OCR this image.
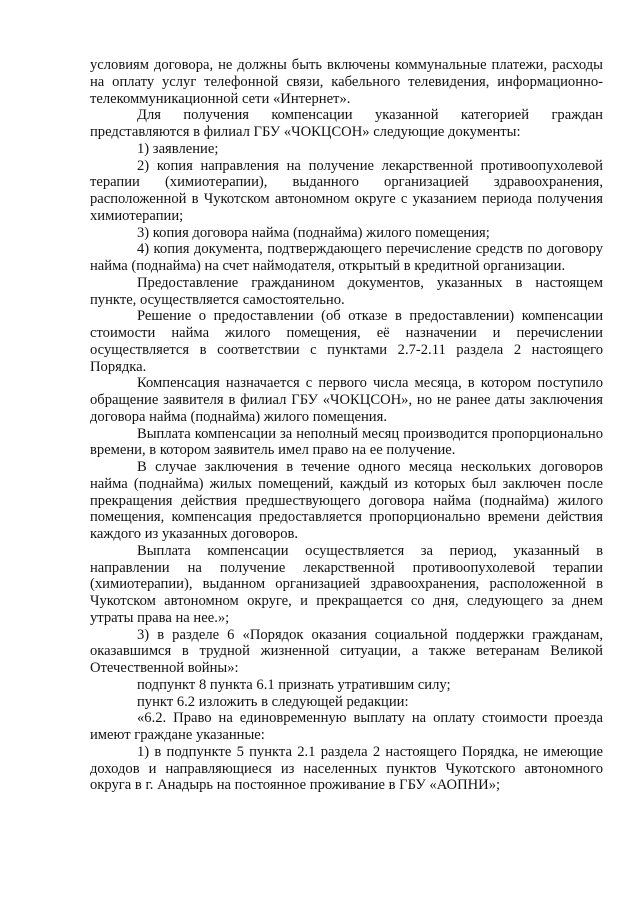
условиям договора, не должны быть включены коммунальные платежи, расходы на оплату услуг телефонной связи, кабельного телевидения, информационно-телекоммуникационной сети «Интернет».

Для получения компенсации указанной категорией граждан представляются в филиал ГБУ «ЧОКЦСОН» следующие документы:

1) заявление;

2) копия направления на получение лекарственной противоопухолевой терапии (химиотерапии), выданного организацией здравоохранения, расположенной в Чукотском автономном округе с указанием периода получения химиотерапии;

3) копия договора найма (поднайма) жилого помещения;

4) копия документа, подтверждающего перечисление средств по договору найма (поднайма) на счет наймодателя, открытый в кредитной организации.

Предоставление гражданином документов, указанных в настоящем пункте, осуществляется самостоятельно.

Решение о предоставлении (об отказе в предоставлении) компенсации стоимости найма жилого помещения, её назначении и перечислении осуществляется в соответствии с пунктами 2.7-2.11 раздела 2 настоящего Порядка.

Компенсация назначается с первого числа месяца, в котором поступило обращение заявителя в филиал ГБУ «ЧОКЦСОН», но не ранее даты заключения договора найма (поднайма) жилого помещения.

Выплата компенсации за неполный месяц производится пропорционально времени, в котором заявитель имел право на ее получение.

В случае заключения в течение одного месяца нескольких договоров найма (поднайма) жилых помещений, каждый из которых был заключен после прекращения действия предшествующего договора найма (поднайма) жилого помещения, компенсация предоставляется пропорционально времени действия каждого из указанных договоров.

Выплата компенсации осуществляется за период, указанный в направлении на получение лекарственной противоопухолевой терапии (химиотерапии), выданном организацией здравоохранения, расположенной в Чукотском автономном округе, и прекращается со дня, следующего за днем утраты права на нее.»;

3) в разделе 6 «Порядок оказания социальной поддержки гражданам, оказавшимся в трудной жизненной ситуации, а также ветеранам Великой Отечественной войны»:

подпункт 8 пункта 6.1 признать утратившим силу;

пункт 6.2 изложить в следующей редакции:

«6.2. Право на единовременную выплату на оплату стоимости проезда имеют граждане указанные:

1) в подпункте 5 пункта 2.1 раздела 2 настоящего Порядка, не имеющие доходов и направляющиеся из населенных пунктов Чукотского автономного округа в г. Анадырь на постоянное проживание в ГБУ «АОПНИ»;
